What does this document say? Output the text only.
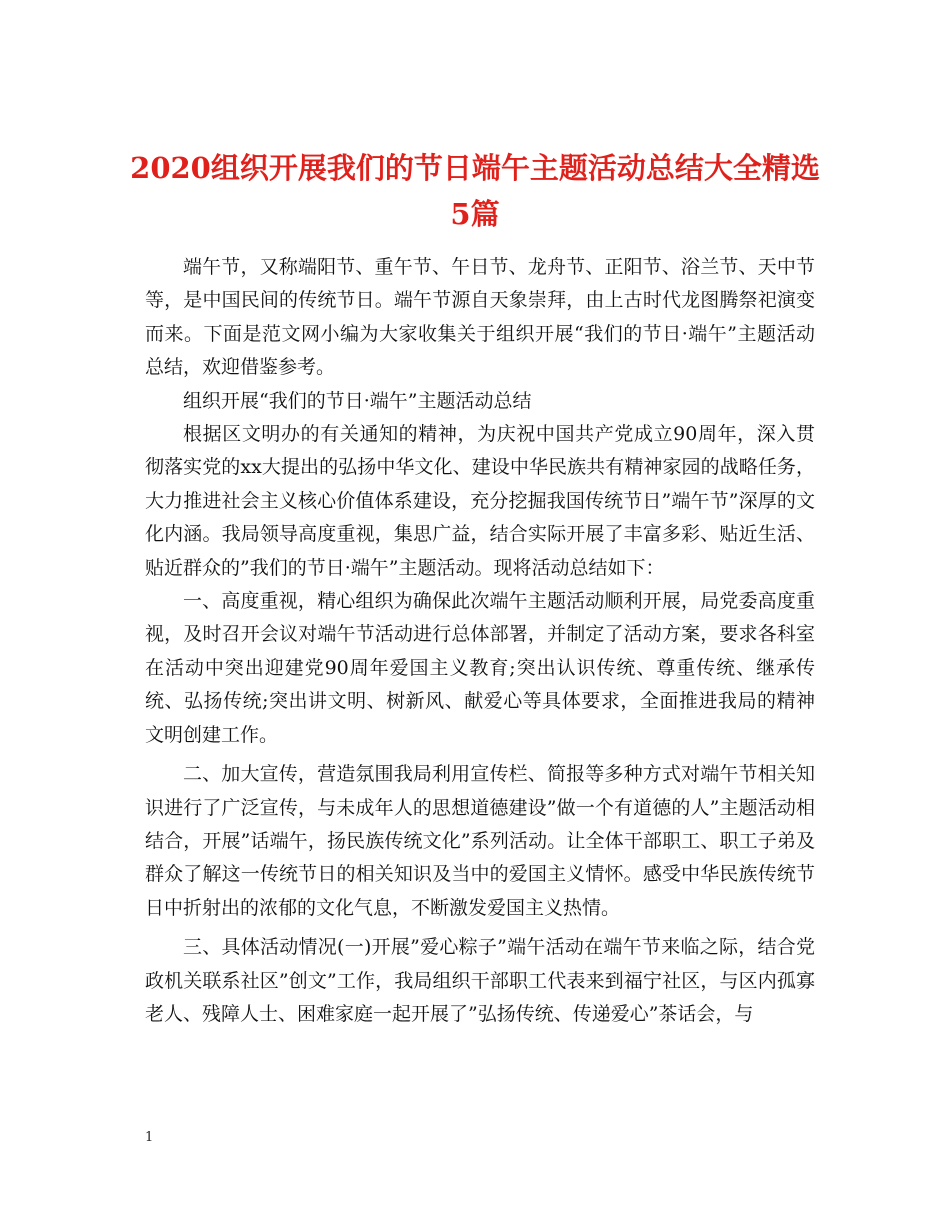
2020组织开展我们的节日端午主题活动总结大全精选
5篇

端午节，又称端阳节、重午节、午日节、龙舟节、正阳节、浴兰节、天中节等，是中国民间的传统节日。端午节源自天象崇拜，由上古时代龙图腾祭祀演变而来。下面是范文网小编为大家收集关于组织开展“我们的节日·端午”主题活动总结，欢迎借鉴参考。

组织开展“我们的节日·端午”主题活动总结

根据区文明办的有关通知的精神，为庆祝中国共产党成立90周年，深入贯彻落实党的xx大提出的弘扬中华文化、建设中华民族共有精神家园的战略任务，大力推进社会主义核心价值体系建设，充分挖掘我国传统节日”端午节”深厚的文化内涵。我局领导高度重视，集思广益，结合实际开展了丰富多彩、贴近生活、贴近群众的”我们的节日·端午”主题活动。现将活动总结如下：

一、高度重视，精心组织为确保此次端午主题活动顺利开展，局党委高度重视，及时召开会议对端午节活动进行总体部署，并制定了活动方案，要求各科室在活动中突出迎建党90周年爱国主义教育;突出认识传统、尊重传统、继承传统、弘扬传统;突出讲文明、树新风、献爱心等具体要求，全面推进我局的精神文明创建工作。

二、加大宣传，营造氛围我局利用宣传栏、简报等多种方式对端午节相关知识进行了广泛宣传，与未成年人的思想道德建设”做一个有道德的人”主题活动相结合，开展”话端午，扬民族传统文化”系列活动。让全体干部职工、职工子弟及群众了解这一传统节日的相关知识及当中的爱国主义情怀。感受中华民族传统节日中折射出的浓郁的文化气息，不断激发爱国主义热情。

三、具体活动情况(一)开展”爱心粽子”端午活动在端午节来临之际，结合党政机关联系社区”创文”工作，我局组织干部职工代表来到福宁社区，与区内孤寡老人、残障人士、困难家庭一起开展了”弘扬传统、传递爱心”茶话会，与

1
